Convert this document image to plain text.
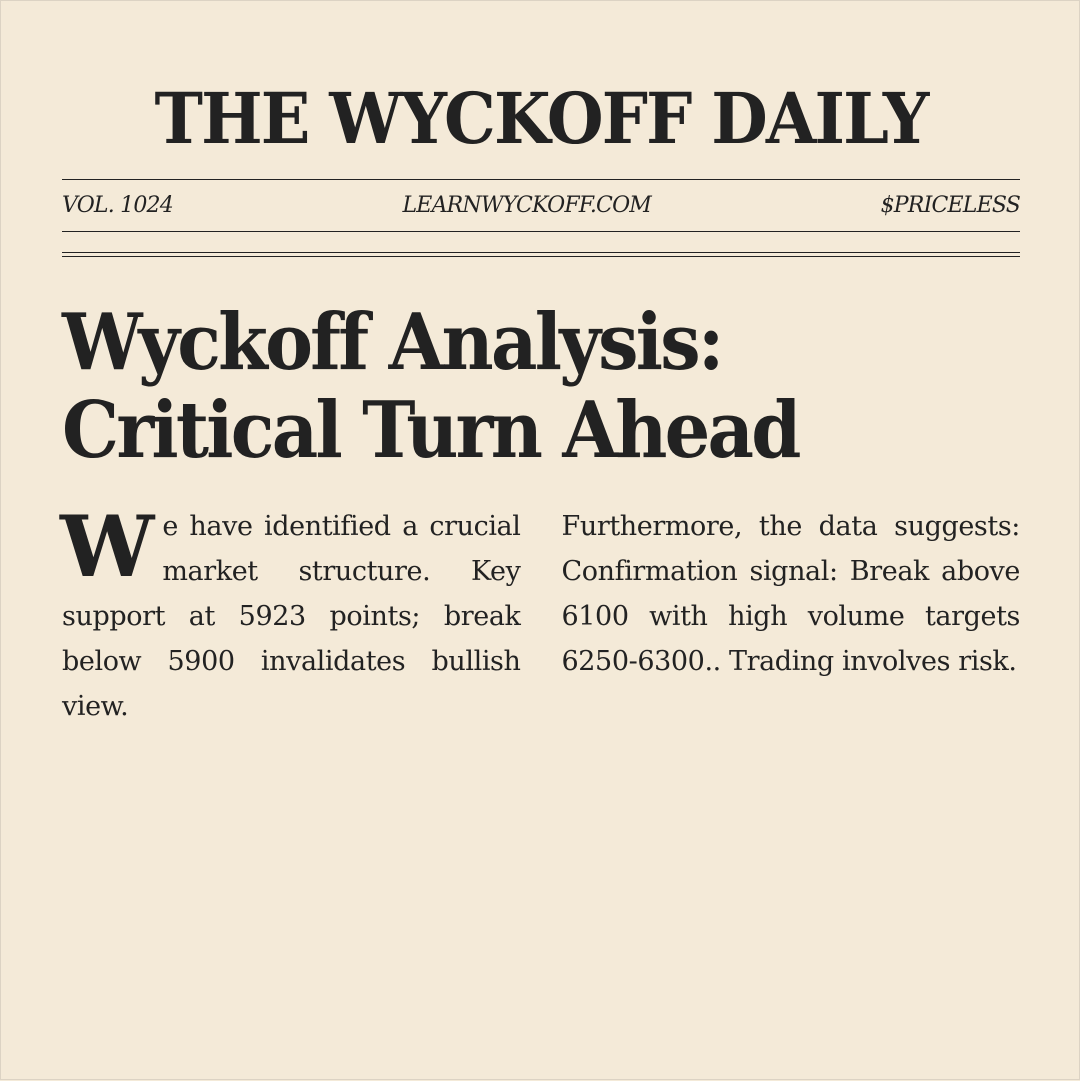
THE WYCKOFF DAILY
VOL. 1024	LEARNWYCKOFF.COM	$PRICELESS
Wyckoff Analysis:
Critical Turn Ahead

We have identified a crucial market structure. Key support at 5923 points; break below 5900 invalidates bullish view.

Furthermore, the data suggests: Confirmation signal: Break above 6100 with high volume targets 6250-6300.. Trading involves risk.
